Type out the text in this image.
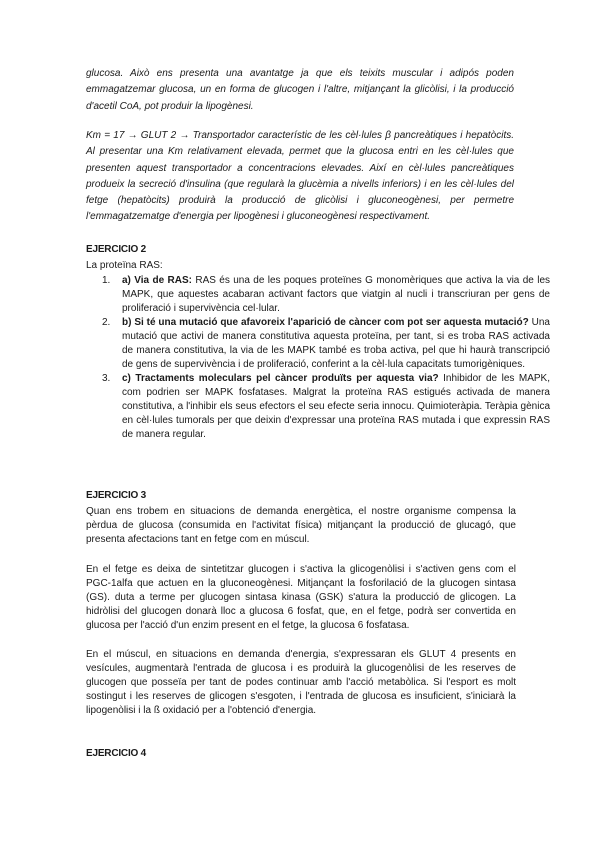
glucosa. Això ens presenta una avantatge ja que els teixits muscular i adipós poden emmagatzemar glucosa, un en forma de glucogen i l'altre, mitjançant la glicòlisi, i la producció d'acetil CoA, pot produir la lipogènesi.

Km = 17 → GLUT 2 → Transportador característic de les cèl·lules β pancreàtiques i hepatòcits. Al presentar una Km relativament elevada, permet que la glucosa entri en les cèl·lules que presenten aquest transportador a concentracions elevades. Així en cèl·lules pancreàtiques produeix la secreció d'insulina (que regularà la glucèmia a nivells inferiors) i en les cèl·lules del fetge (hepatòcits) produirà la producció de glicòlisi i gluconeogènesi, per permetre l'emmagatzematge d'energia per lipogènesi i gluconeogènesi respectivament.

EJERCICIO 2

La proteïna RAS:

1. a) Via de RAS: RAS és una de les poques proteïnes G monomèriques que activa la via de les MAPK, que aquestes acabaran activant factors que viatgin al nucli i transcriuran per gens de proliferació i supervivència cel·lular.
2. b) Si té una mutació que afavoreix l'aparició de càncer com pot ser aquesta mutació? Una mutació que activi de manera constitutiva aquesta proteïna, per tant, si es troba RAS activada de manera constitutiva, la via de les MAPK també es troba activa, pel que hi haurà transcripció de gens de supervivència i de proliferació, conferint a la cèl·lula capacitats tumorigèniques.
3. c) Tractaments moleculars pel càncer produïts per aquesta via? Inhibidor de les MAPK, com podrien ser MAPK fosfatases. Malgrat la proteïna RAS estigués activada de manera constitutiva, a l'inhibir els seus efectors el seu efecte seria innocu. Quimioteràpia. Teràpia gènica en cèl·lules tumorals per que deixin d'expressar una proteïna RAS mutada i que expressin RAS de manera regular.

EJERCICIO 3

Quan ens trobem en situacions de demanda energètica, el nostre organisme compensa la pèrdua de glucosa (consumida en l'activitat física) mitjançant la producció de glucagó, que presenta afectacions tant en fetge com en múscul.

En el fetge es deixa de sintetitzar glucogen i s'activa la glicogenòlisi i s'activen gens com el PGC-1alfa que actuen en la gluconeogènesi. Mitjançant la fosforilació de la glucogen sintasa (GS). duta a terme per glucogen sintasa kinasa (GSK) s'atura la producció de glicogen. La hidròlisi del glucogen donarà lloc a glucosa 6 fosfat, que, en el fetge, podrà ser convertida en glucosa per l'acció d'un enzim present en el fetge, la glucosa 6 fosfatasa.

En el múscul, en situacions en demanda d'energia, s'expressaran els GLUT 4 presents en vesícules, augmentarà l'entrada de glucosa i es produirà la glucogenòlisi de les reserves de glucogen que posseïa per tant de podes continuar amb l'acció metabòlica. Si l'esport es molt sostingut i les reserves de glicogen s'esgoten, i l'entrada de glucosa es insuficient, s'iniciarà la lipogenòlisi i la ß oxidació per a l'obtenció d'energia.

EJERCICIO 4
